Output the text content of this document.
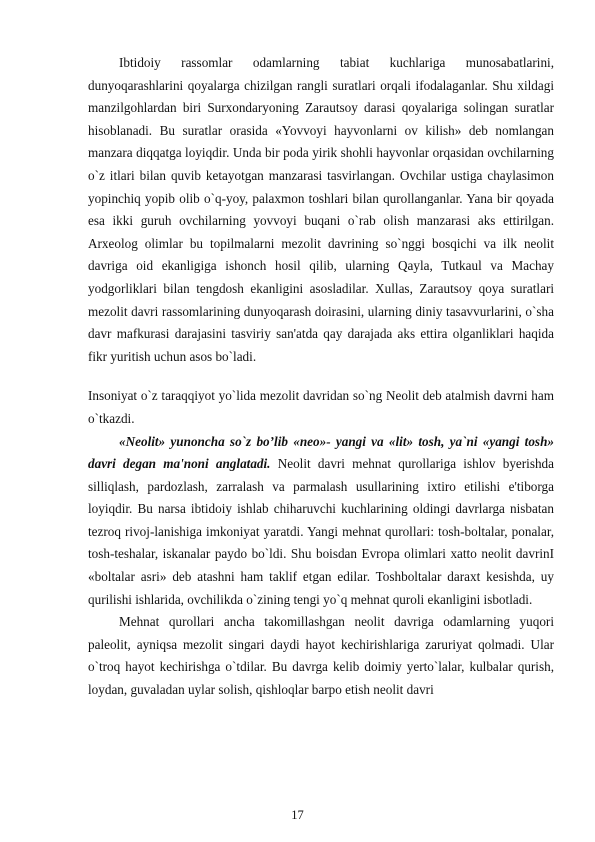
Ibtidoiy rassomlar odamlarning tabiat kuchlariga munosabatlarini, dunyoqarashlarini qoyalarga chizilgan rangli suratlari orqali ifodalaganlar. Shu xildagi manzilgohlardan biri Surxondaryoning Zarautsoy darasi qoyalariga solingan suratlar hisoblanadi. Bu suratlar orasida «Yovvoyi hayvonlarni ov kilish» deb nomlangan manzara diqqatga loyiqdir. Unda bir poda yirik shohli hayvonlar orqasidan ovchilarning o`z itlari bilan quvib ketayotgan manzarasi tasvirlangan. Ovchilar ustiga chaylasimon yopinchiq yopib olib o`q-yoy, palaxmon toshlari bilan qurollanganlar. Yana bir qoyada esa ikki guruh ovchilarning yovvoyi buqani o`rab olish manzarasi aks ettirilgan. Arxeolog olimlar bu topilmalarni mezolit davrining so`nggi bosqichi va ilk neolit davriga oid ekanligiga ishonch hosil qilib, ularning Qayla, Tutkaul va Machay yodgorliklari bilan tengdosh ekanligini asosladilar. Xullas, Zarautsoy qoya suratlari mezolit davri rassomlarining dunyoqarash doirasini, ularning diniy tasavvurlarini, o`sha davr mafkurasi darajasini tasviriy san'atda qay darajada aks ettira olganliklari haqida fikr yuritish uchun asos bo`ladi.

Insoniyat o`z taraqqiyot yo`lida mezolit davridan so`ng Neolit deb atalmish davrni ham o`tkazdi.

«Neolit» yunoncha so`z bo’lib «neo»- yangi va «lit» tosh, ya`ni «yangi tosh» davri degan ma'noni anglatadi. Neolit davri mehnat qurollariga ishlov byerishda silliqlash, pardozlash, zarralash va parmalash usullarining ixtiro etilishi e'tiborga loyiqdir. Bu narsa ibtidoiy ishlab chiharuvchi kuchlarining oldingi davrlarga nisbatan tezroq rivoj-lanishiga imkoniyat yaratdi. Yangi mehnat qurollari: tosh-boltalar, ponalar, tosh-teshalar, iskanalar paydo bo`ldi. Shu boisdan Evropa olimlari xatto neolit davrinI «boltalar asri» deb atashni ham taklif etgan edilar. Toshboltalar daraxt kesishda, uy qurilishi ishlarida, ovchilikda o`zining tengi yo`q mehnat quroli ekanligini isbotladi.

Mehnat qurollari ancha takomillashgan neolit davriga odamlarning yuqori paleolit, ayniqsa mezolit singari daydi hayot kechirishlariga zaruriyat qolmadi. Ular o`troq hayot kechirishga o`tdilar. Bu davrga kelib doimiy yerto`lalar, kulbalar qurish, loydan, guvaladan uylar solish, qishloqlar barpo etish neolit davri

17
